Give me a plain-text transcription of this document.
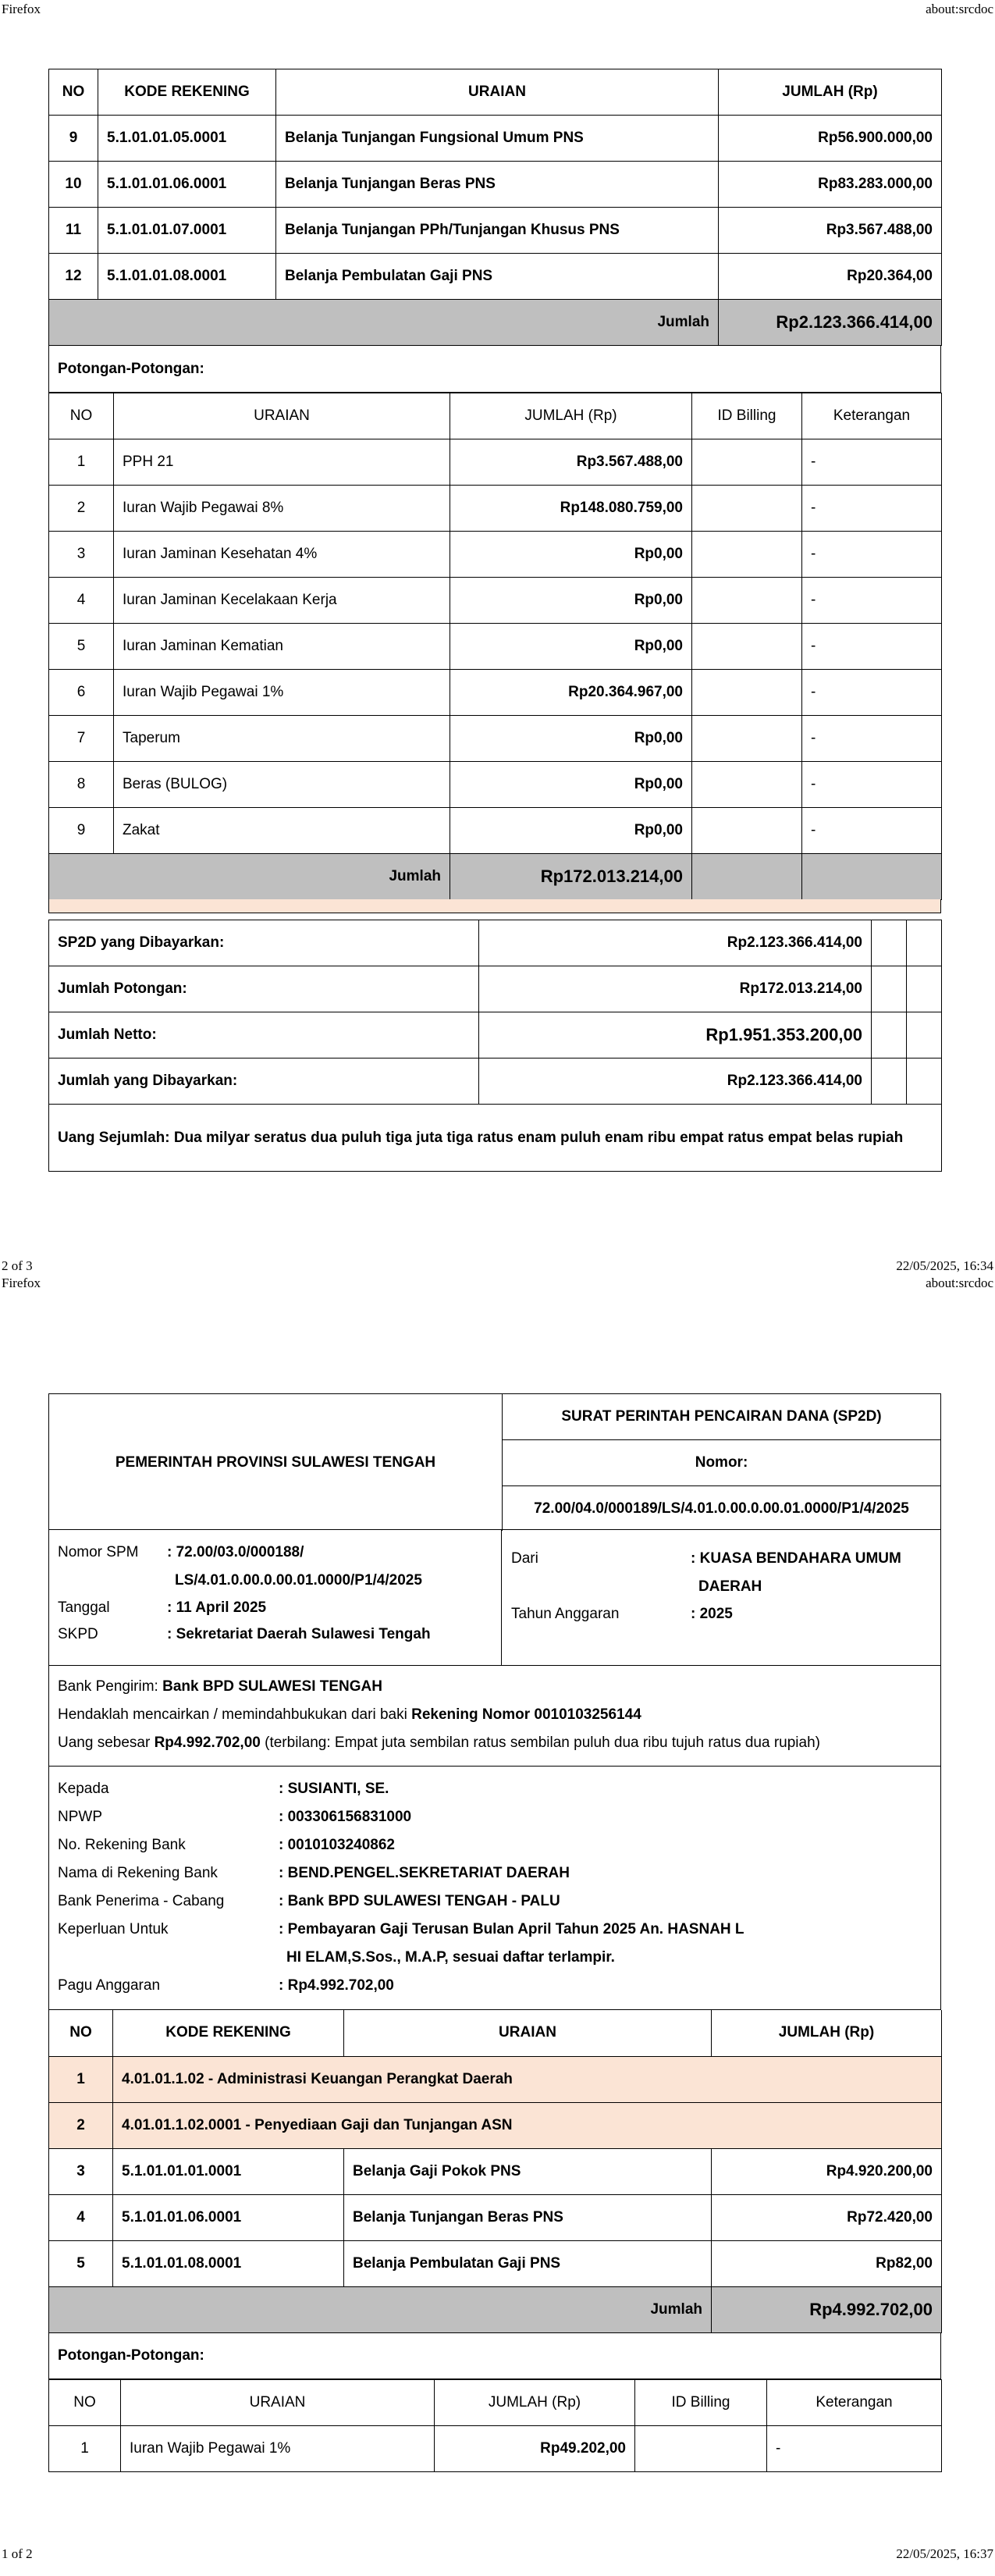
Firefox	about:srcdoc
NO	KODE REKENING	URAIAN	JUMLAH (Rp)
9	5.1.01.01.05.0001	Belanja Tunjangan Fungsional Umum PNS	Rp56.900.000,00
10	5.1.01.01.06.0001	Belanja Tunjangan Beras PNS	Rp83.283.000,00
11	5.1.01.01.07.0001	Belanja Tunjangan PPh/Tunjangan Khusus PNS	Rp3.567.488,00
12	5.1.01.01.08.0001	Belanja Pembulatan Gaji PNS	Rp20.364,00
Jumlah			Rp2.123.366.414,00
Potongan-Potongan:
NO	URAIAN	JUMLAH (Rp)	ID Billing	Keterangan
1	PPH 21	Rp3.567.488,00		-
2	Iuran Wajib Pegawai 8%	Rp148.080.759,00		-
3	Iuran Jaminan Kesehatan 4%	Rp0,00		-
4	Iuran Jaminan Kecelakaan Kerja	Rp0,00		-
5	Iuran Jaminan Kematian	Rp0,00		-
6	Iuran Wajib Pegawai 1%	Rp20.364.967,00		-
7	Taperum	Rp0,00		-
8	Beras (BULOG)	Rp0,00		-
9	Zakat	Rp0,00		-
Jumlah		Rp172.013.214,00		
SP2D yang Dibayarkan:	Rp2.123.366.414,00		
Jumlah Potongan:	Rp172.013.214,00		
Jumlah Netto:	Rp1.951.353.200,00		
Jumlah yang Dibayarkan:	Rp2.123.366.414,00		
Uang Sejumlah: Dua milyar seratus dua puluh tiga juta tiga ratus enam puluh enam ribu empat ratus empat belas rupiah			
2 of 3	22/05/2025, 16:34
Firefox	about:srcdoc
PEMERINTAH PROVINSI SULAWESI TENGAH
SURAT PERINTAH PENCAIRAN DANA (SP2D)
Nomor:
72.00/04.0/000189/LS/4.01.0.00.0.00.01.0000/P1/4/2025
Nomor SPM	: 72.00/03.0/000188/
LS/4.01.0.00.0.00.01.0000/P1/4/2025
Tanggal	: 11 April 2025
SKPD	: Sekretariat Daerah Sulawesi Tengah
Dari	: KUASA BENDAHARA UMUM
DAERAH
Tahun Anggaran	: 2025
Bank Pengirim: Bank BPD SULAWESI TENGAH
Hendaklah mencairkan / memindahbukukan dari baki Rekening Nomor 0010103256144
Uang sebesar Rp4.992.702,00 (terbilang: Empat juta sembilan ratus sembilan puluh dua ribu tujuh ratus dua rupiah)
Kepada	: SUSIANTI, SE.
NPWP	: 003306156831000
No. Rekening Bank	: 0010103240862
Nama di Rekening Bank	: BEND.PENGEL.SEKRETARIAT DAERAH
Bank Penerima - Cabang	: Bank BPD SULAWESI TENGAH - PALU
Keperluan Untuk	: Pembayaran Gaji Terusan Bulan April Tahun 2025 An. HASNAH L
HI ELAM,S.Sos., M.A.P, sesuai daftar terlampir.
Pagu Anggaran	: Rp4.992.702,00
NO	KODE REKENING	URAIAN	JUMLAH (Rp)
1	4.01.01.1.02 - Administrasi Keuangan Perangkat Daerah		
2	4.01.01.1.02.0001 - Penyediaan Gaji dan Tunjangan ASN		
3	5.1.01.01.01.0001	Belanja Gaji Pokok PNS	Rp4.920.200,00
4	5.1.01.01.06.0001	Belanja Tunjangan Beras PNS	Rp72.420,00
5	5.1.01.01.08.0001	Belanja Pembulatan Gaji PNS	Rp82,00
Jumlah			Rp4.992.702,00
Potongan-Potongan:
NO	URAIAN	JUMLAH (Rp)	ID Billing	Keterangan
1	Iuran Wajib Pegawai 1%	Rp49.202,00		-
1 of 2	22/05/2025, 16:37
